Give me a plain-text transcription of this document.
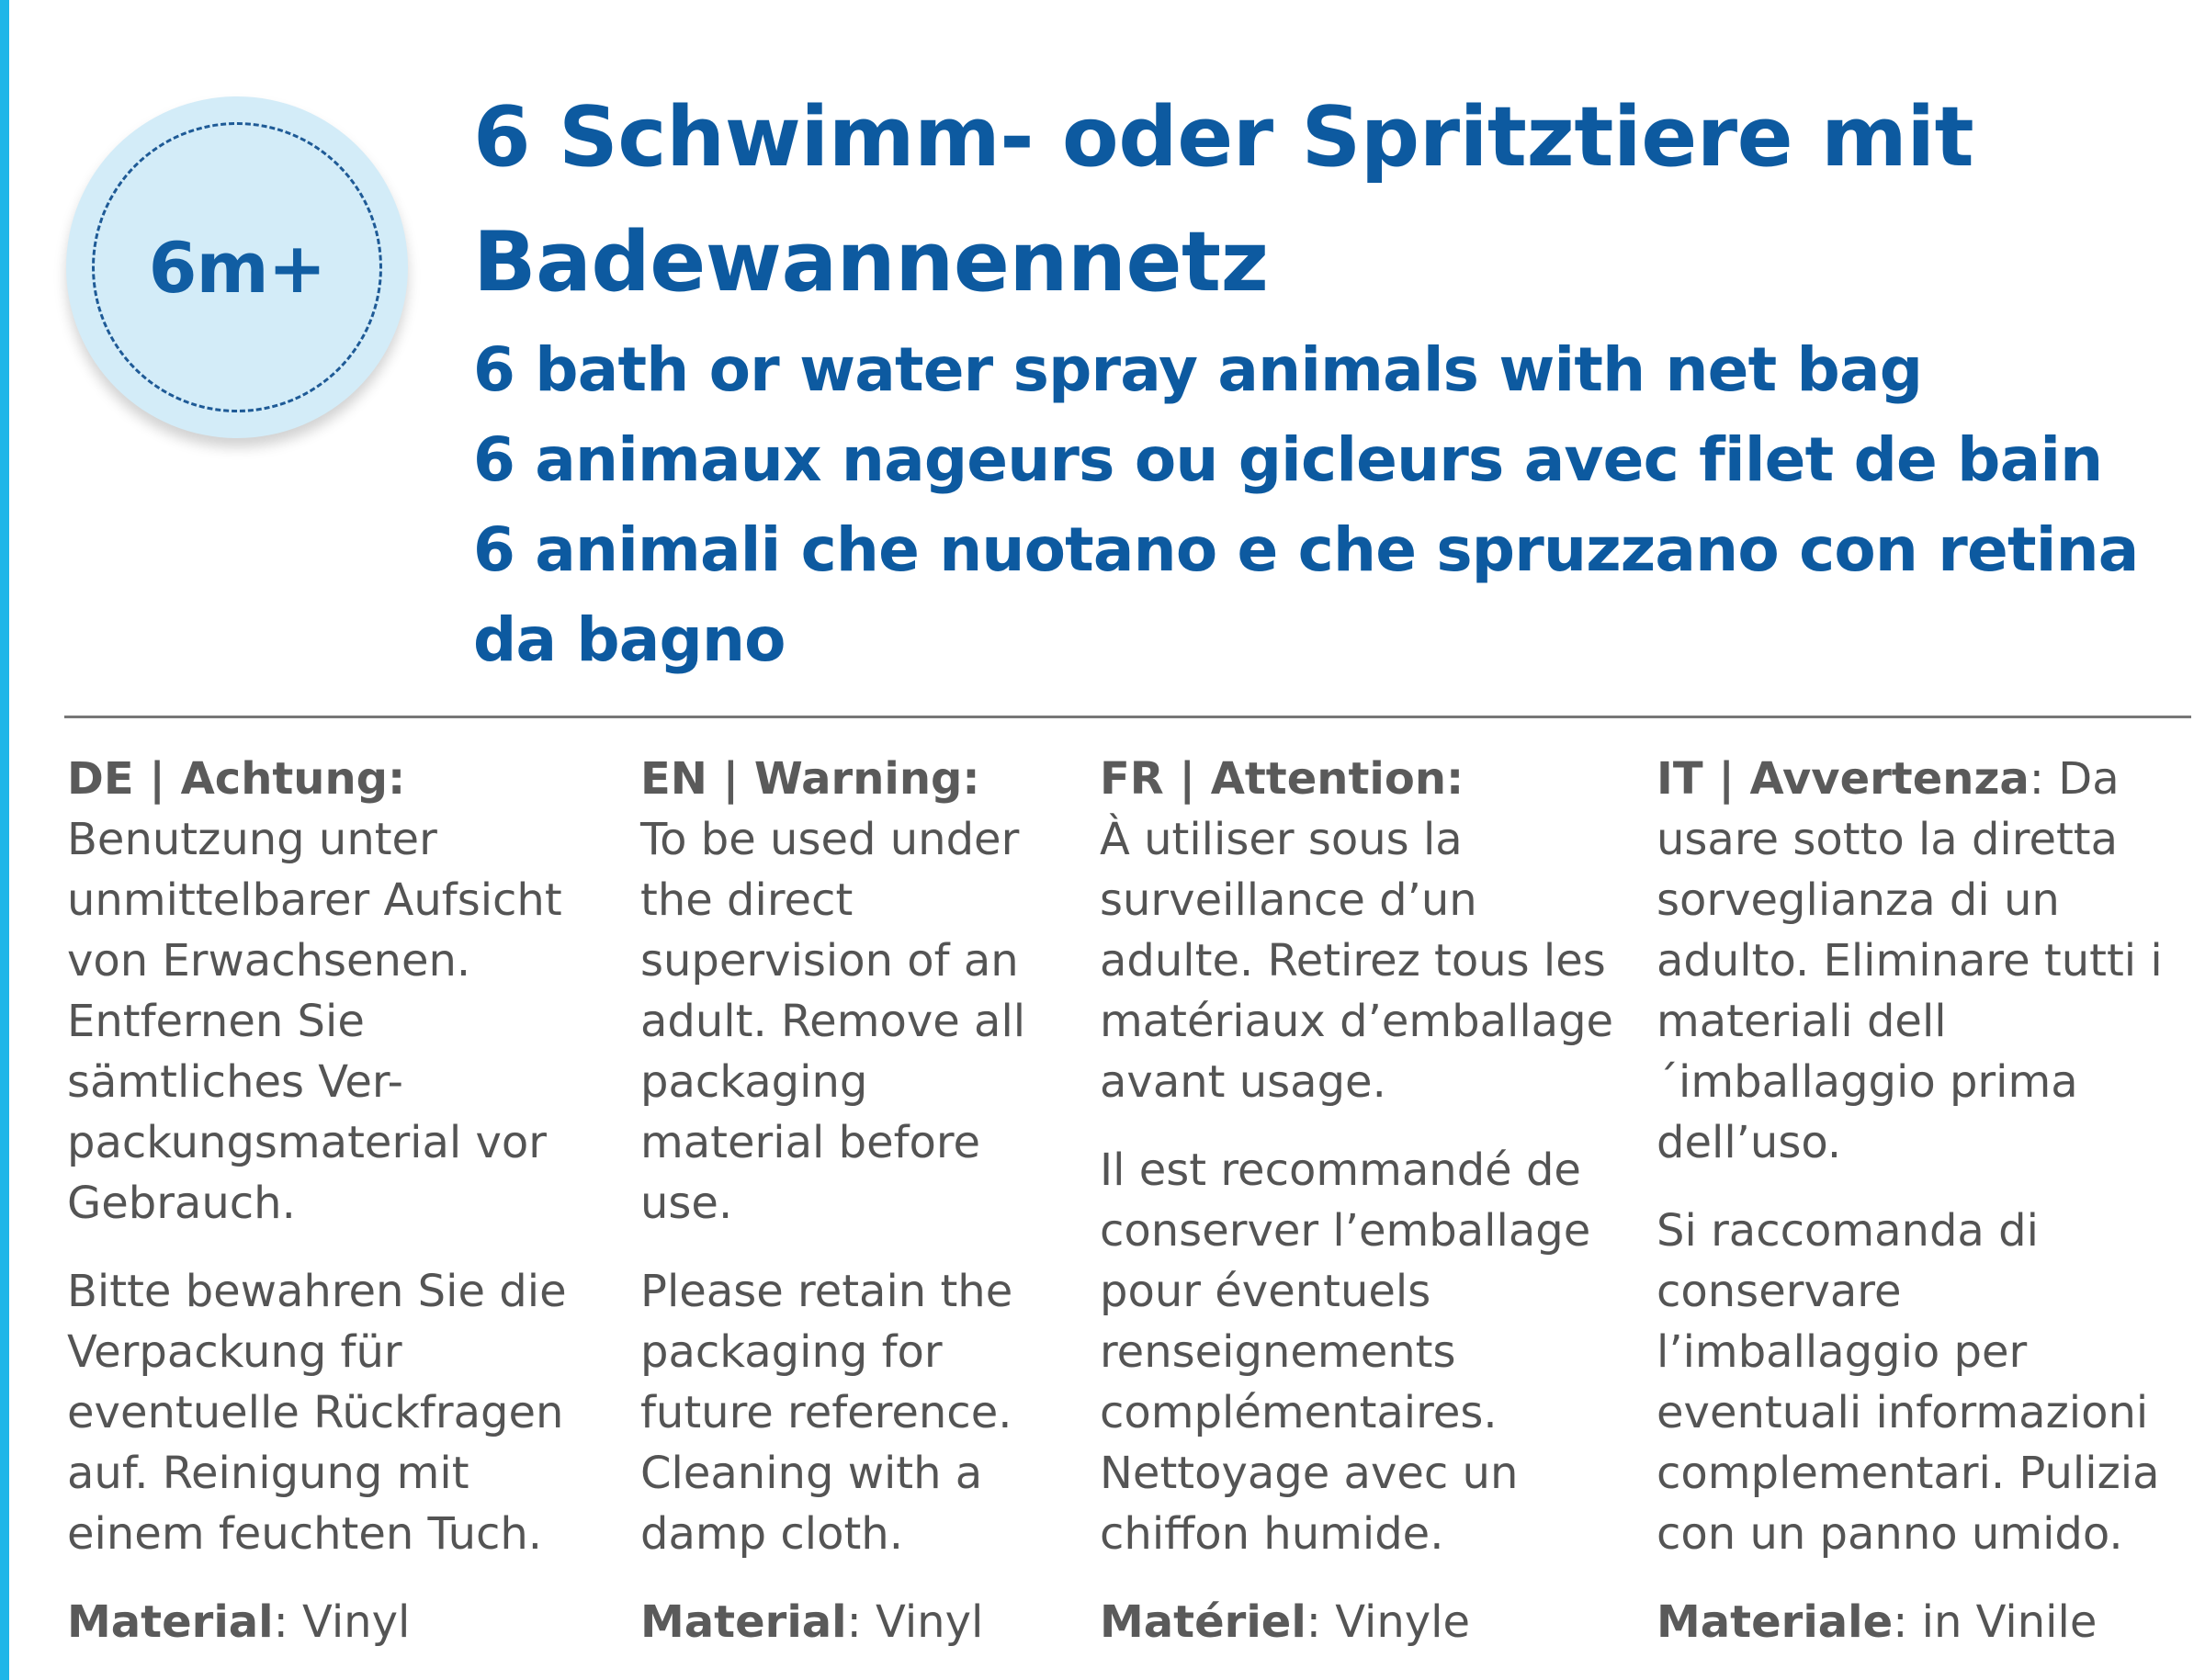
6m+
6 Schwimm- oder Spritztiere mit Badewannennetz

6 bath or water spray animals with net bag

6 animaux nageurs ou gicleurs avec filet de bain

6 animali che nuotano e che spruzzano con retina da bagno

DE | Achtung:
Benutzung unter unmittelbarer Aufsicht von Erwachsenen. Entfernen Sie sämtliches Ver-packungsmaterial vor Gebrauch.

Bitte bewahren Sie die Verpackung für eventuelle Rückfragen auf. Reinigung mit einem feuchten Tuch.

Material: Vinyl

EN | Warning:
To be used under the direct supervision of an adult. Remove all packaging material before use.

Please retain the packaging for future reference. Cleaning with a damp cloth.

Material: Vinyl

FR | Attention:
À utiliser sous la surveillance d’un adulte. Retirez tous les matériaux d’emballage avant usage.

Il est recommandé de conserver l’emballage pour éventuels renseignements complémentaires. Nettoyage avec un chiffon humide.

Matériel: Vinyle

IT | Avvertenza: Da usare sotto la diretta sorveglianza di un adulto. Eliminare tutti i materiali dell´imballaggio prima dell’uso.

Si raccomanda di conservare l’imballaggio per eventuali informazioni complementari. Pulizia con un panno umido.

Materiale: in Vinile
